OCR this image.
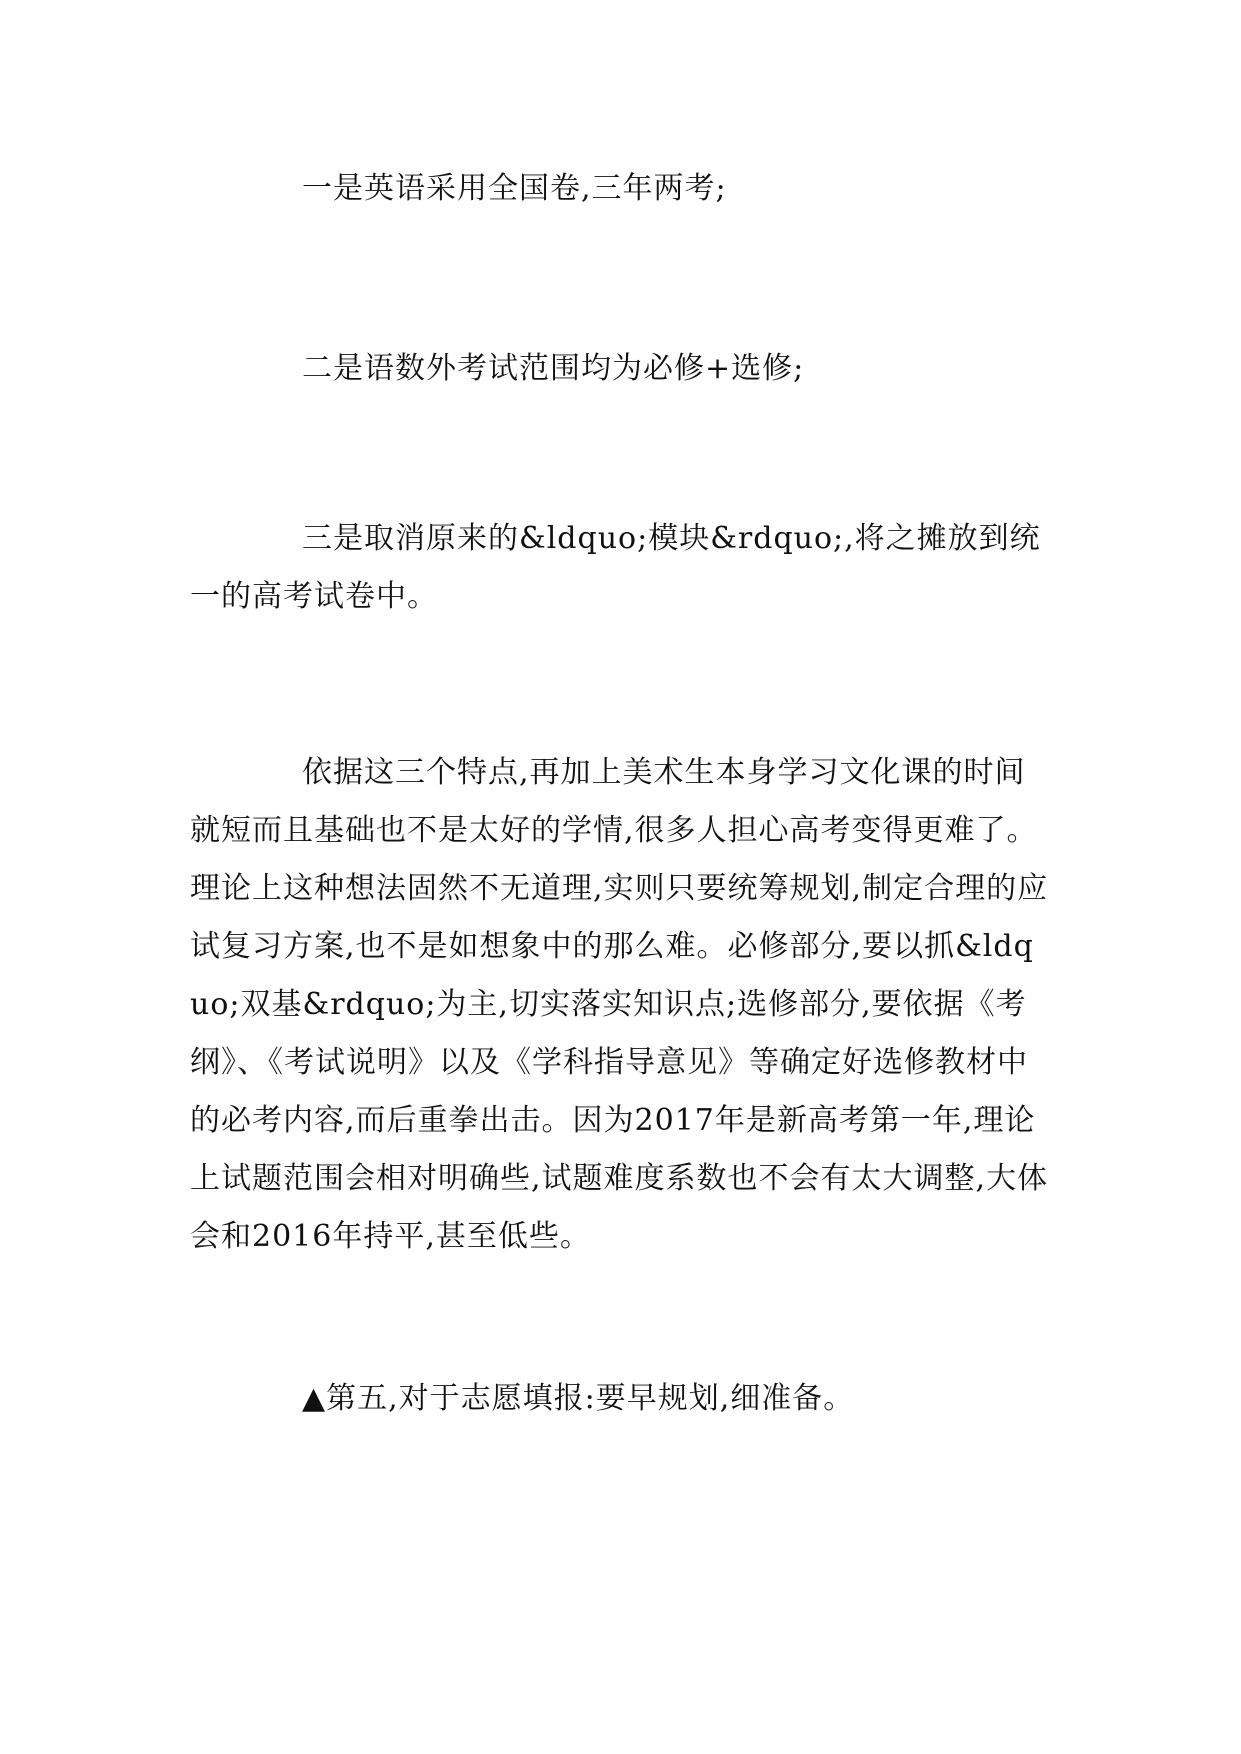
一是英语采用全国卷,三年两考;

二是语数外考试范围均为必修+选修;

三是取消原来的&ldquo;模块&rdquo;,将之摊放到统一的高考试卷中。

依据这三个特点,再加上美术生本身学习文化课的时间就短而且基础也不是太好的学情,很多人担心高考变得更难了。理论上这种想法固然不无道理,实则只要统筹规划,制定合理的应试复习方案,也不是如想象中的那么难。必修部分,要以抓&ldquo;双基&rdquo;为主,切实落实知识点;选修部分,要依据《考纲》、《考试说明》以及《学科指导意见》等确定好选修教材中的必考内容,而后重拳出击。因为2017年是新高考第一年,理论上试题范围会相对明确些,试题难度系数也不会有太大调整,大体会和2016年持平,甚至低些。

▲第五,对于志愿填报:要早规划,细准备。
